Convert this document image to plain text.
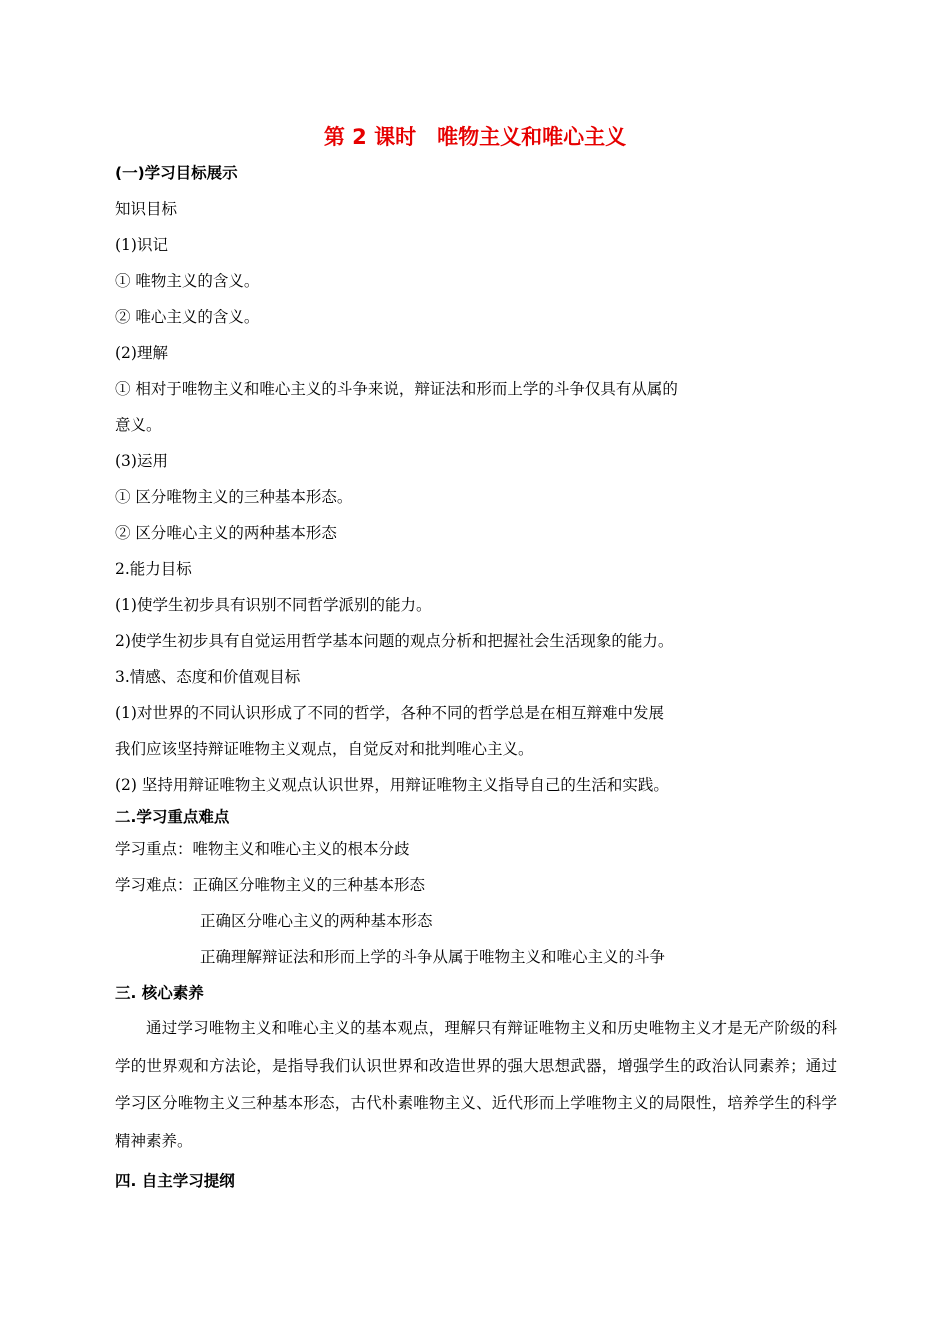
第 2 课时　唯物主义和唯心主义

(一)学习目标展示

知识目标

(1)识记

① 唯物主义的含义。

② 唯心主义的含义。

(2)理解

① 相对于唯物主义和唯心主义的斗争来说，辩证法和形而上学的斗争仅具有从属的

意义。

(3)运用

① 区分唯物主义的三种基本形态。

② 区分唯心主义的两种基本形态

2.能力目标

(1)使学生初步具有识别不同哲学派别的能力。

2)使学生初步具有自觉运用哲学基本问题的观点分析和把握社会生活现象的能力。

3.情感、态度和价值观目标

(1)对世界的不同认识形成了不同的哲学，各种不同的哲学总是在相互辩难中发展

我们应该坚持辩证唯物主义观点，自觉反对和批判唯心主义。

(2) 坚持用辩证唯物主义观点认识世界，用辩证唯物主义指导自己的生活和实践。

二.学习重点难点

学习重点：唯物主义和唯心主义的根本分歧

学习难点：正确区分唯物主义的三种基本形态

正确区分唯心主义的两种基本形态

正确理解辩证法和形而上学的斗争从属于唯物主义和唯心主义的斗争

三. 核心素养

通过学习唯物主义和唯心主义的基本观点，理解只有辩证唯物主义和历史唯物主义才是无产阶级的科学的世界观和方法论，是指导我们认识世界和改造世界的强大思想武器，增强学生的政治认同素养；通过学习区分唯物主义三种基本形态，古代朴素唯物主义、近代形而上学唯物主义的局限性，培养学生的科学精神素养。

四. 自主学习提纲
